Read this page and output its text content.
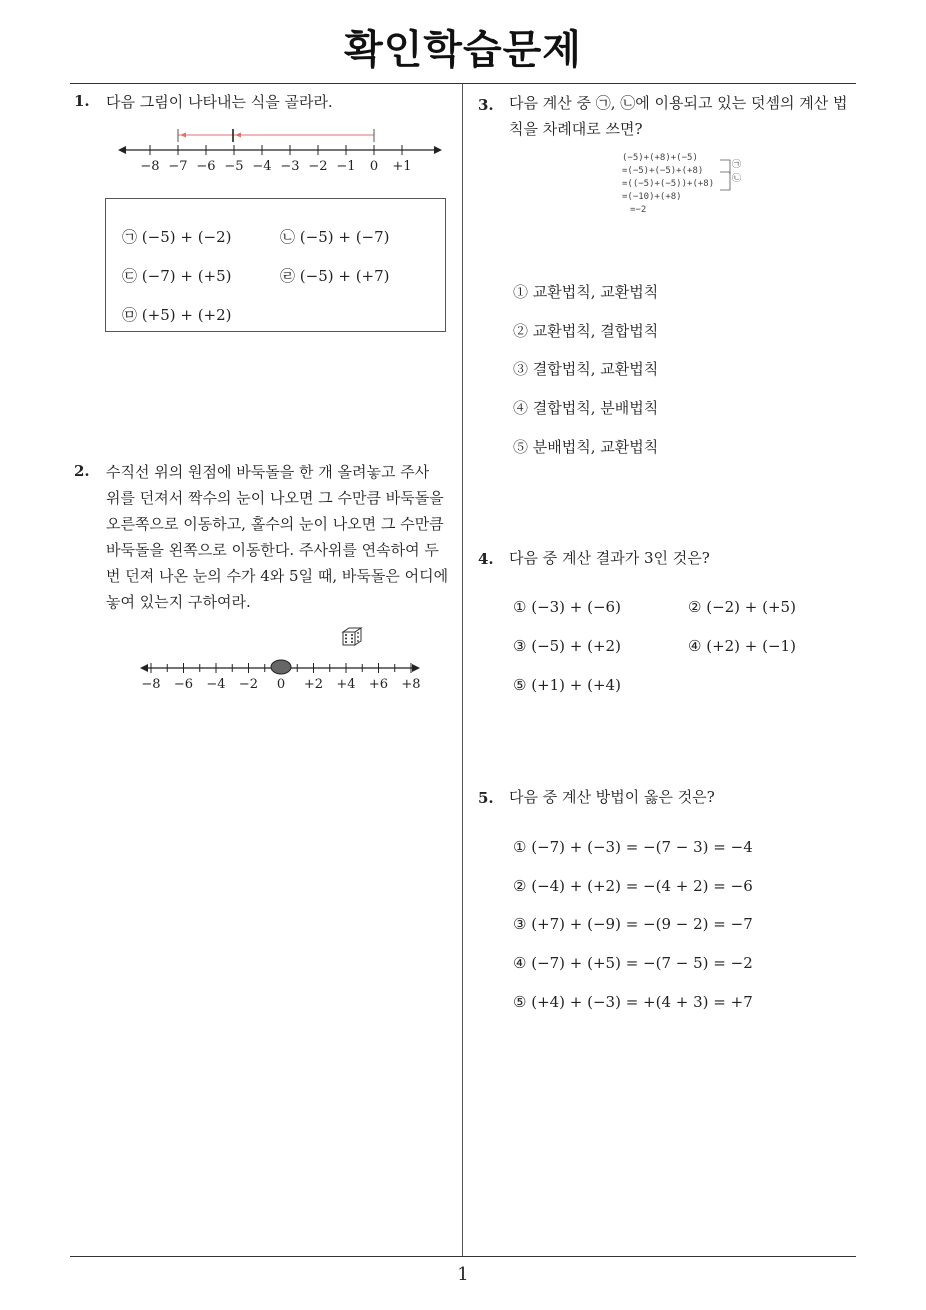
확인학습문제
1
1. 다음 그림이 나타내는 식을 골라라.
−8 −7 −6 −5 −4 −3 −2 −1 0 +1
㉠ (−5) + (−2)	㉡ (−5) + (−7)
㉢ (−7) + (+5)	㉣ (−5) + (+7)
㉤ (+5) + (+2)
2. 수직선 위의 원점에 바둑돌을 한 개 올려놓고 주사
위를 던져서 짝수의 눈이 나오면 그 수만큼 바둑돌을
오른쪽으로 이동하고, 홀수의 눈이 나오면 그 수만큼
바둑돌을 왼쪽으로 이동한다. 주사위를 연속하여 두
번 던져 나온 눈의 수가 4와 5일 때, 바둑돌은 어디에
놓여 있는지 구하여라.
−8 −6 −4 −2 0 +2 +4 +6 +8
3. 다음 계산 중 ㉠, ㉡에 이용되고 있는 덧셈의 계산 법
칙을 차례대로 쓰면?
(−5)+(+8)+(−5)
=(−5)+(−5)+(+8)
=((−5)+(−5))+(+8)
=(−10)+(+8)
=−2
㉠
㉡
① 교환법칙, 교환법칙
② 교환법칙, 결합법칙
③ 결합법칙, 교환법칙
④ 결합법칙, 분배법칙
⑤ 분배법칙, 교환법칙
4. 다음 중 계산 결과가 3인 것은?
① (−3) + (−6)	② (−2) + (+5)
③ (−5) + (+2)	④ (+2) + (−1)
⑤ (+1) + (+4)
5. 다음 중 계산 방법이 옳은 것은?
① (−7) + (−3) = −(7 − 3) = −4
② (−4) + (+2) = −(4 + 2) = −6
③ (+7) + (−9) = −(9 − 2) = −7
④ (−7) + (+5) = −(7 − 5) = −2
⑤ (+4) + (−3) = +(4 + 3) = +7
